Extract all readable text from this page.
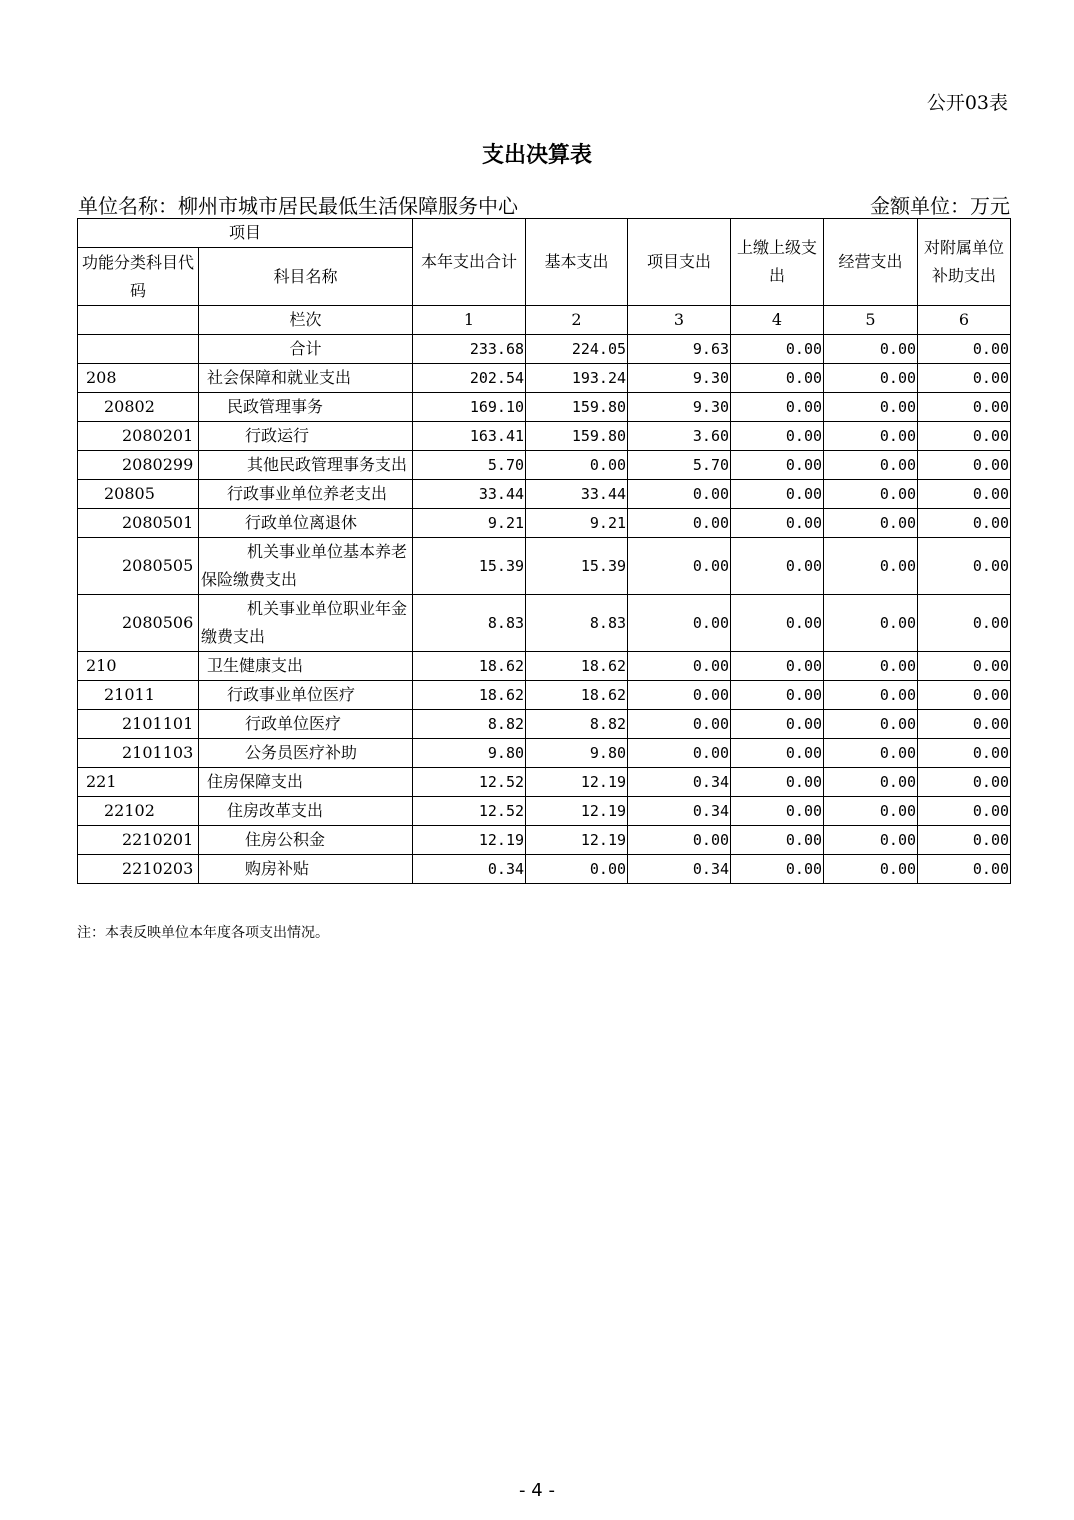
公开03表
支出决算表
单位名称：柳州市城市居民最低生活保障服务中心	金额单位：万元
项目		本年支出合计	基本支出	项目支出	上缴上级支出	经营支出	对附属单位补助支出
功能分类科目代码	科目名称						
	栏次	1	2	3	4	5	6
	合计	233.68	224.05	9.63	0.00	0.00	0.00
208	社会保障和就业支出	202.54	193.24	9.30	0.00	0.00	0.00
20802	民政管理事务	169.10	159.80	9.30	0.00	0.00	0.00
2080201	行政运行	163.41	159.80	3.60	0.00	0.00	0.00
2080299	其他民政管理事务支出	5.70	0.00	5.70	0.00	0.00	0.00
20805	行政事业单位养老支出	33.44	33.44	0.00	0.00	0.00	0.00
2080501	行政单位离退休	9.21	9.21	0.00	0.00	0.00	0.00
2080505	机关事业单位基本养老保险缴费支出	15.39	15.39	0.00	0.00	0.00	0.00
2080506	机关事业单位职业年金缴费支出	8.83	8.83	0.00	0.00	0.00	0.00
210	卫生健康支出	18.62	18.62	0.00	0.00	0.00	0.00
21011	行政事业单位医疗	18.62	18.62	0.00	0.00	0.00	0.00
2101101	行政单位医疗	8.82	8.82	0.00	0.00	0.00	0.00
2101103	公务员医疗补助	9.80	9.80	0.00	0.00	0.00	0.00
221	住房保障支出	12.52	12.19	0.34	0.00	0.00	0.00
22102	住房改革支出	12.52	12.19	0.34	0.00	0.00	0.00
2210201	住房公积金	12.19	12.19	0.00	0.00	0.00	0.00
2210203	购房补贴	0.34	0.00	0.34	0.00	0.00	0.00
注：本表反映单位本年度各项支出情况。
- 4 -
